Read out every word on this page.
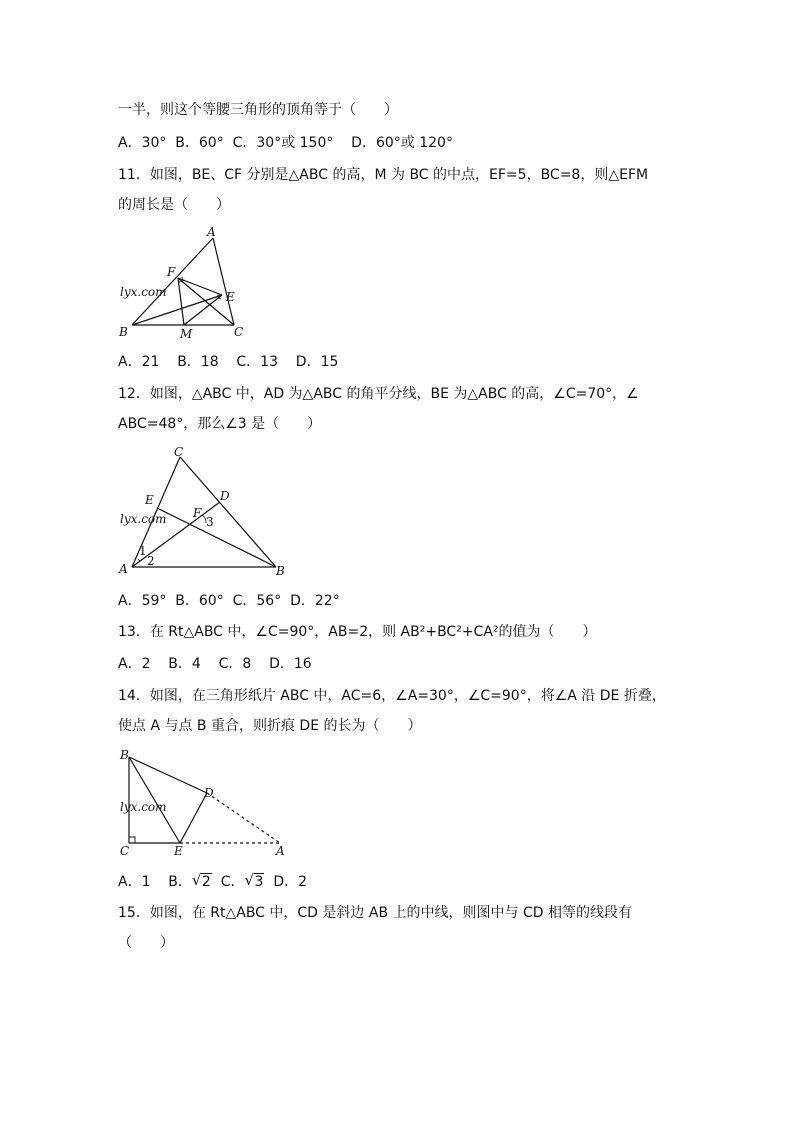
一半，则这个等腰三角形的顶角等于（　　）
A．30°  B．60°  C．30°或 150°    D．60°或 120°
11．如图，BE、CF 分别是△ABC 的高，M 为 BC 的中点，EF=5，BC=8，则△EFM
的周长是（　　）
lyx.com
A
F
E
B	M	C
A．21    B．18    C．13    D．15
12．如图，△ABC 中，AD 为△ABC 的角平分线，BE 为△ABC 的高，∠C=70°，∠
ABC=48°，那么∠3 是（　　）
lyx.com
C
E	D
F
3
1
2
A	B
A．59°  B．60°  C．56°  D．22°
13．在 Rt△ABC 中，∠C=90°，AB=2，则 AB²+BC²+CA²的值为（　　）
A．2    B．4    C．8    D．16
14．如图，在三角形纸片 ABC 中，AC=6，∠A=30°，∠C=90°，将∠A 沿 DE 折叠，
使点 A 与点 B 重合，则折痕 DE 的长为（　　）
lyx.com
B
D
C	E	A
A．1    B． √ 2  C． √ 3  D．2
15．如图，在 Rt△ABC 中，CD 是斜边 AB 上的中线，则图中与 CD 相等的线段有
（　　）
